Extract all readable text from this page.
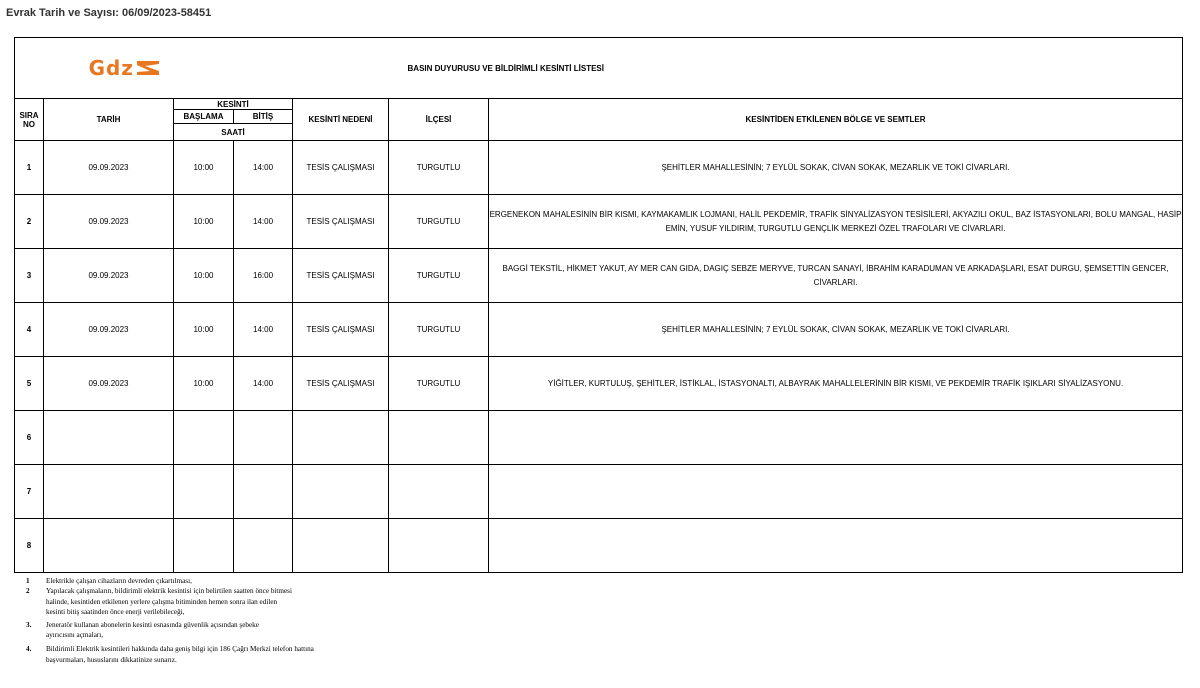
Evrak Tarih ve Sayısı: 06/09/2023-58451
Gdz			BASIN DUYURUSU VE BİLDİRİMLİ KESİNTİ LİSTESİ			
SIRA NO	TARİH	KESİNTİ		KESİNTİ NEDENİ	İLÇESİ	KESİNTİDEN ETKİLENEN BÖLGE VE SEMTLER
		BAŞLAMA	BİTİŞ			
		SAATİ				
1	09.09.2023	10:00	14:00	TESİS ÇALIŞMASI	TURGUTLU	ŞEHİTLER MAHALLESİNİN; 7 EYLÜL SOKAK, CİVAN SOKAK, MEZARLIK VE TOKİ CİVARLARI.
2	09.09.2023	10:00	14:00	TESİS ÇALIŞMASI	TURGUTLU	ERGENEKON MAHALESİNİN BİR KISMI, KAYMAKAMLIK LOJMANI, HALİL PEKDEMİR, TRAFİK SİNYALİZASYON TESİSİLERİ, AKYAZILI OKUL, BAZ İSTASYONLARI, BOLU MANGAL, HASİP EMİN, YUSUF YILDIRIM, TURGUTLU GENÇLİK MERKEZİ ÖZEL TRAFOLARI VE CİVARLARI.
3	09.09.2023	10:00	16:00	TESİS ÇALIŞMASI	TURGUTLU	BAGGİ TEKSTİL, HİKMET YAKUT, AY MER CAN GIDA, DAGIÇ SEBZE MERYVE, TURCAN SANAYİ, İBRAHİM KARADUMAN VE ARKADAŞLARI, ESAT DURGU, ŞEMSETTİN GENCER, CİVARLARI.
4	09.09.2023	10:00	14:00	TESİS ÇALIŞMASI	TURGUTLU	ŞEHİTLER MAHALLESİNİN; 7 EYLÜL SOKAK, CİVAN SOKAK, MEZARLIK VE TOKİ CİVARLARI.
5	09.09.2023	10:00	14:00	TESİS ÇALIŞMASI	TURGUTLU	YİĞİTLER, KURTULUŞ, ŞEHİTLER, İSTİKLAL, İSTASYONALTI, ALBAYRAK MAHALLELERİNİN BİR KISMI, VE PEKDEMİR TRAFİK IŞIKLARI SİYALİZASYONU.
6						
7						
8						
1	Elektrikle çalışan cihazların devreden çıkartılması,
2	Yapılacak çalışmaların, bildirimli elektrik kesintisi için belirtilen saatten önce bitmesi
halinde, kesintiden etkilenen yerlere çalışma bitiminden hemen sonra ilan edilen
kesinti bitiş saatinden önce enerji verilebileceği,
3.	Jeneratör kullanan abonelerin kesinti esnasında güvenlik açısından şebeke
ayırıcısını açmaları,
4.	Bildirimli Elektrik kesintileri hakkında daha geniş bilgi için 186 Çağrı Merkzi telefon hattına
başvurmaları, hususlarını dikkatinize sunarız.
